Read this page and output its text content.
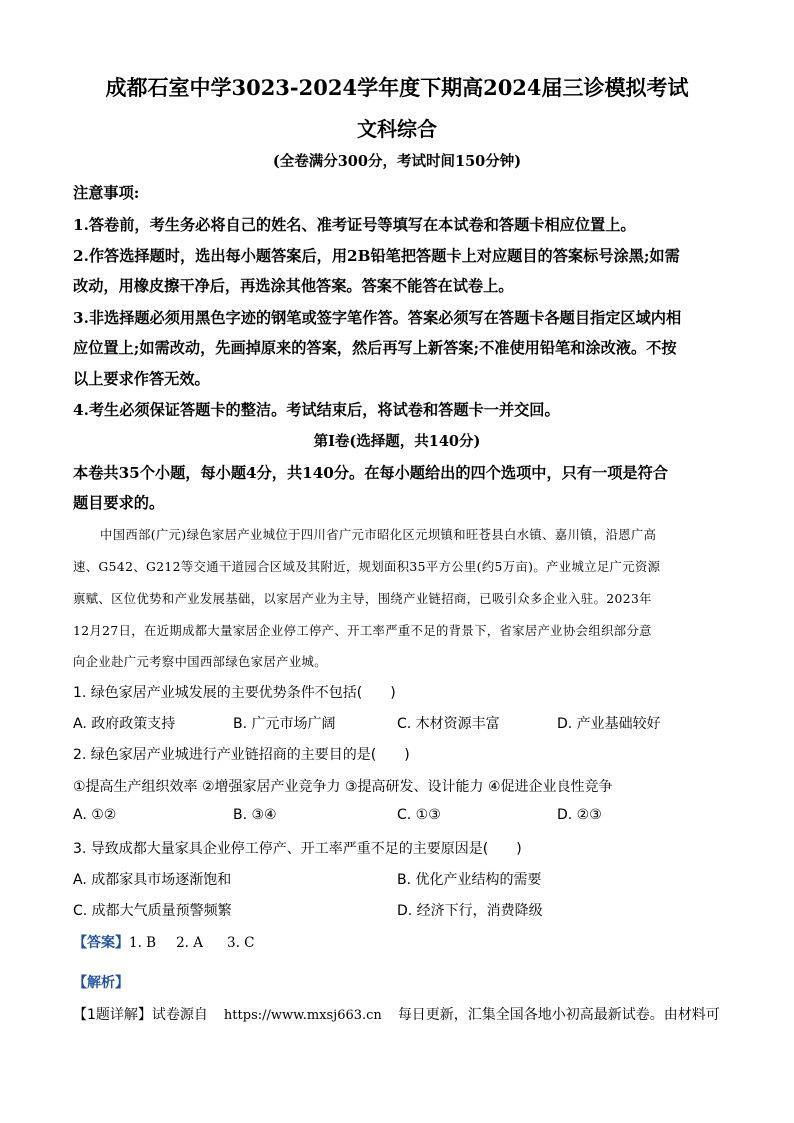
成都石室中学3023-2024学年度下期高2024届三诊模拟考试
文科综合
(全卷满分300分，考试时间150分钟)
注意事项:
1.答卷前，考生务必将自己的姓名、准考证号等填写在本试卷和答题卡相应位置上。
2.作答选择题时，选出每小题答案后，用2B铅笔把答题卡上对应题目的答案标号涂黑;如需
改动，用橡皮擦干净后，再选涂其他答案。答案不能答在试卷上。
3.非选择题必须用黑色字迹的钢笔或签字笔作答。答案必须写在答题卡各题目指定区域内相
应位置上;如需改动，先画掉原来的答案，然后再写上新答案;不准使用铅笔和涂改液。不按
以上要求作答无效。
4.考生必须保证答题卡的整洁。考试结束后，将试卷和答题卡一并交回。
第I卷(选择题，共140分)
本卷共35个小题，每小题4分，共140分。在每小题给出的四个选项中，只有一项是符合
题目要求的。
中国西部(广元)绿色家居产业城位于四川省广元市昭化区元坝镇和旺苍县白水镇、嘉川镇，沿恩广高
速、G542、G212等交通干道园合区域及其附近，规划面积35平方公里(约5万亩)。产业城立足广元资源
禀赋、区位优势和产业发展基础，以家居产业为主导，围绕产业链招商，已吸引众多企业入驻。2023年
12月27日，在近期成都大量家居企业停工停产、开工率严重不足的背景下，省家居产业协会组织部分意
向企业赴广元考察中国西部绿色家居产业城。
1. 绿色家居产业城发展的主要优势条件不包括(　　)
A. 政府政策支持	B. 广元市场广阔	C. 木材资源丰富	D. 产业基础较好
2. 绿色家居产业城进行产业链招商的主要目的是(　　)
①提高生产组织效率 ②增强家居产业竞争力 ③提高研发、设计能力 ④促进企业良性竞争
A. ①②	B. ③④	C. ①③	D. ②③
3. 导致成都大量家具企业停工停产、开工率严重不足的主要原因是(　　)
A. 成都家具市场逐渐饱和	B. 优化产业结构的需要
C. 成都大气质量预警频繁	D. 经济下行，消费降级
【答案】1. B 2. A 3. C
【解析】
【1题详解】试卷源自 https://www.mxsj663.cn 每日更新，汇集全国各地小初高最新试卷。由材料可
